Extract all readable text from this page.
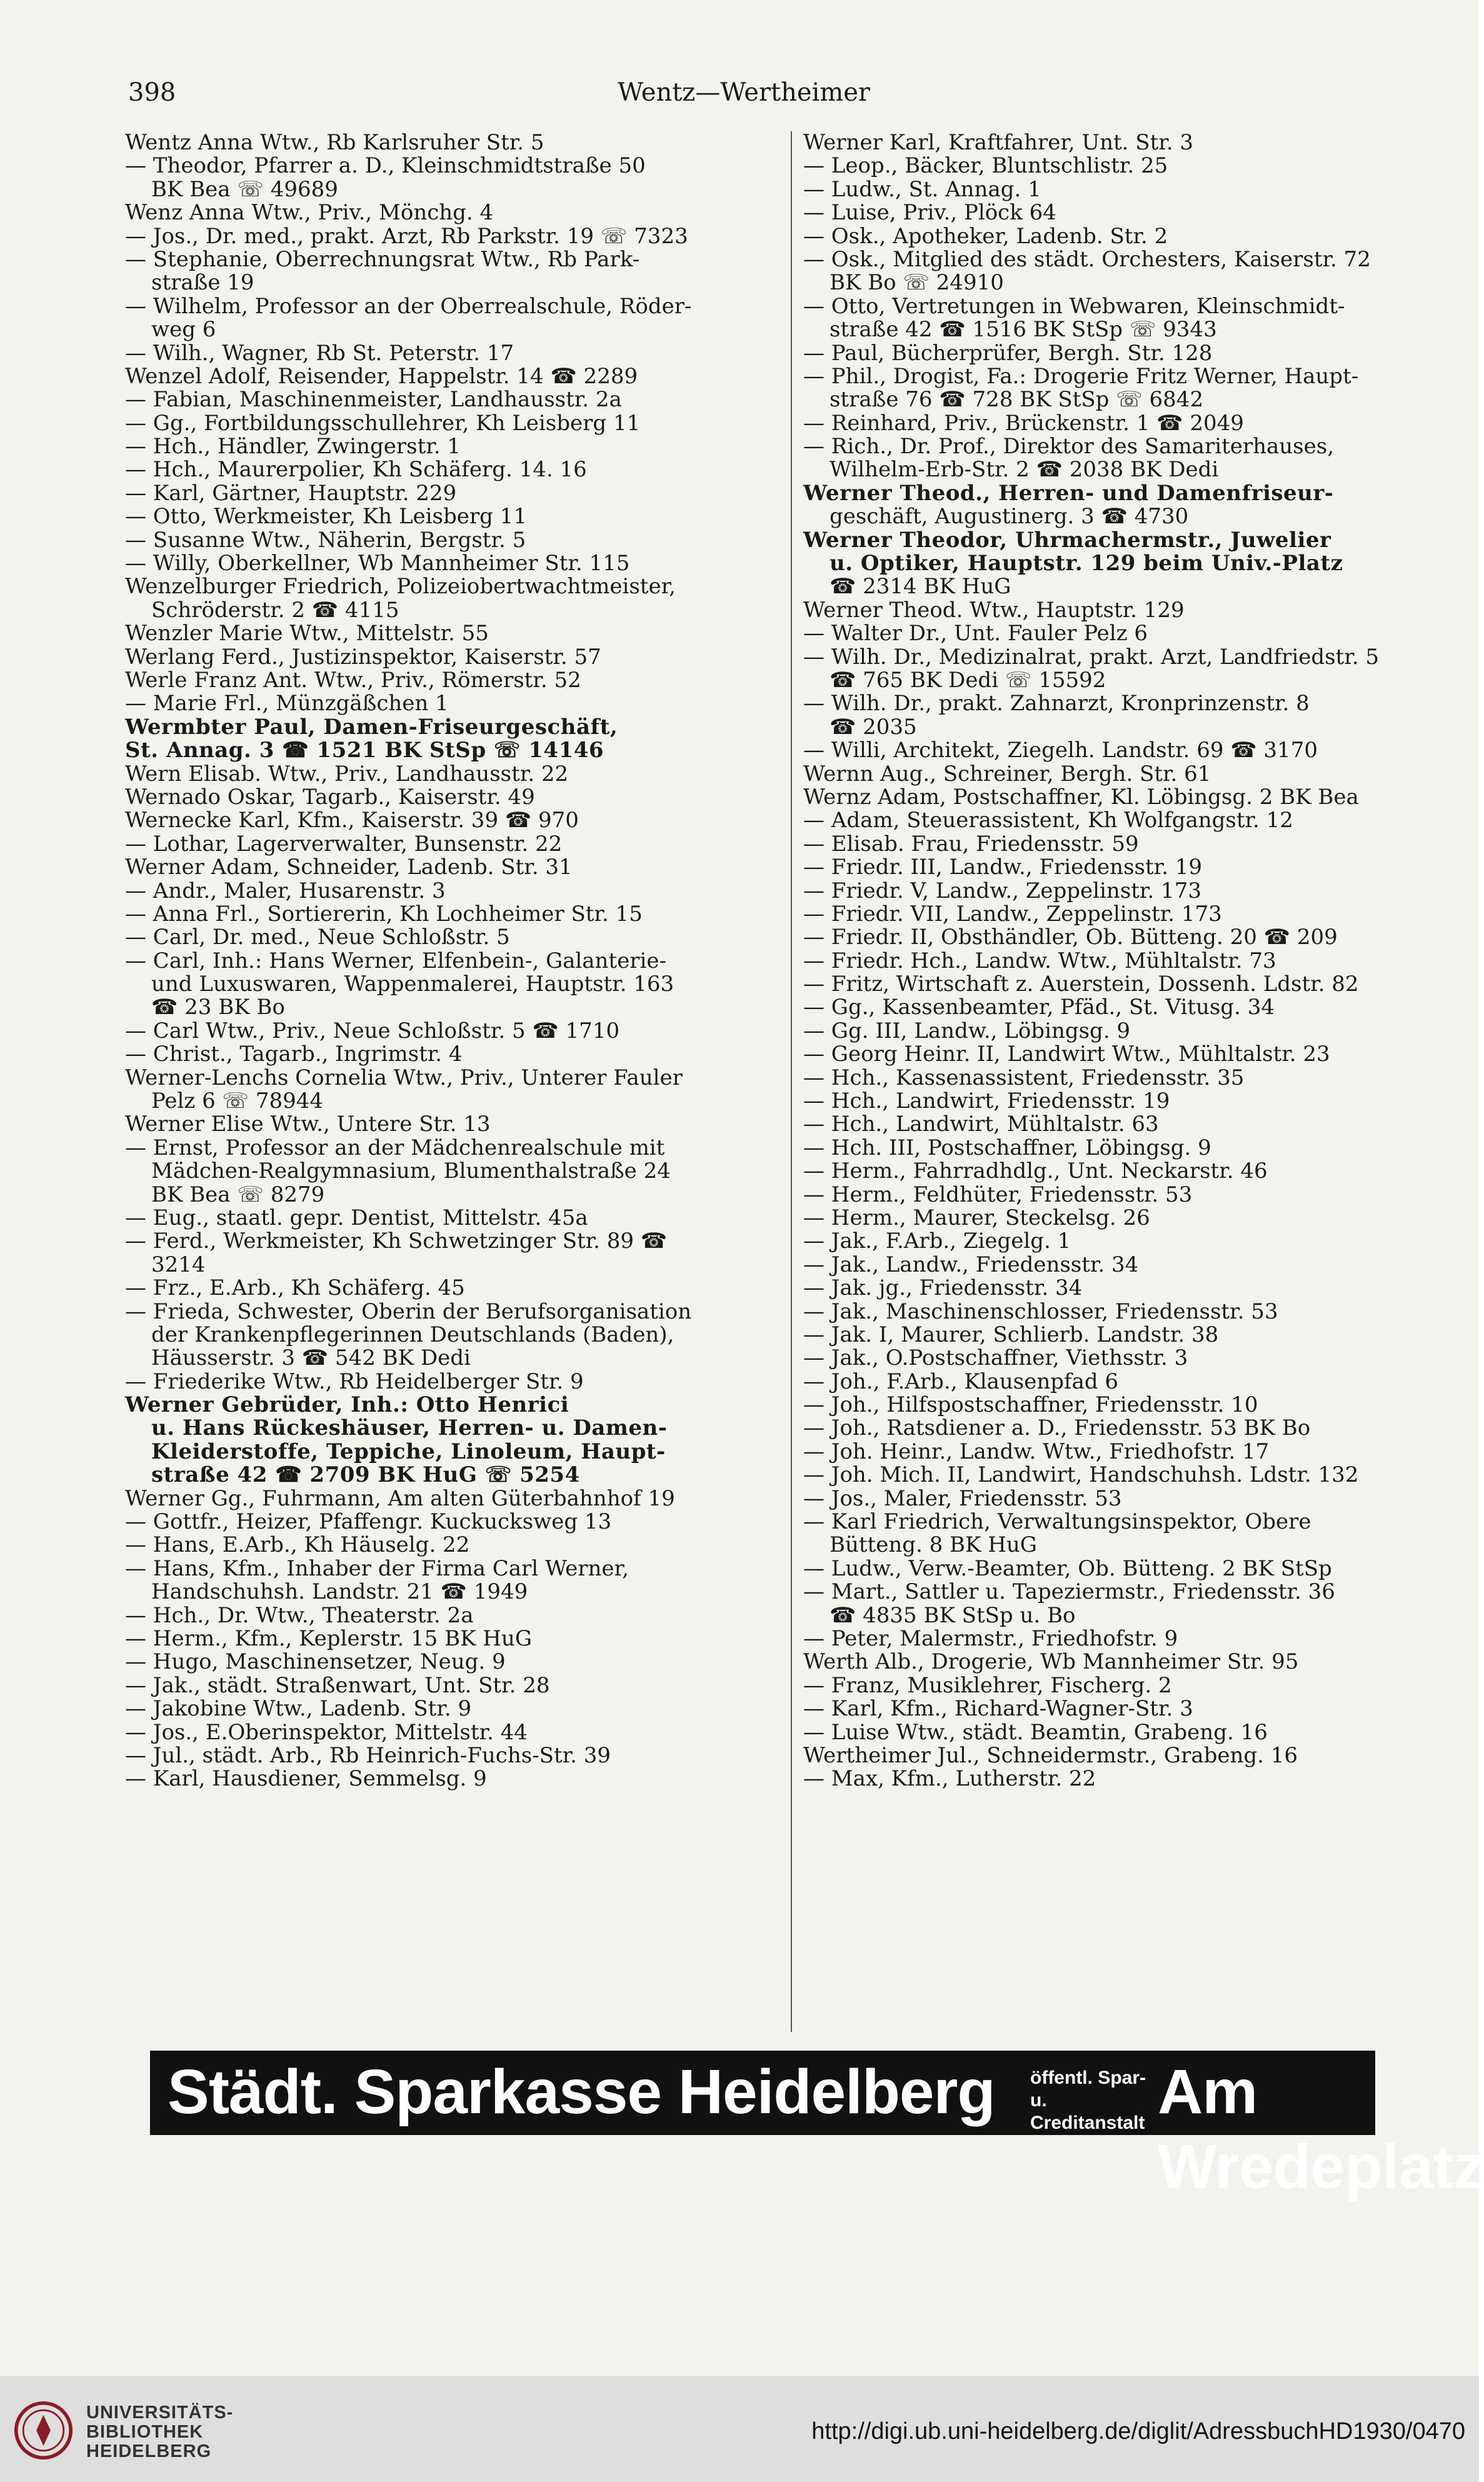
398	Wentz—Wertheimer

Wentz Anna Wtw., Rb Karlsruher Str. 5

— Theodor, Pfarrer a. D., Kleinschmidtstraße 50

BK Bea ☏ 49689

Wenz Anna Wtw., Priv., Mönchg. 4

— Jos., Dr. med., prakt. Arzt, Rb Parkstr. 19 ☏ 7323

— Stephanie, Oberrechnungsrat Wtw., Rb Park-

straße 19

— Wilhelm, Professor an der Oberrealschule, Röder-

weg 6

— Wilh., Wagner, Rb St. Peterstr. 17

Wenzel Adolf, Reisender, Happelstr. 14 ☎ 2289

— Fabian, Maschinenmeister, Landhausstr. 2a

— Gg., Fortbildungsschullehrer, Kh Leisberg 11

— Hch., Händler, Zwingerstr. 1

— Hch., Maurerpolier, Kh Schäferg. 14. 16

— Karl, Gärtner, Hauptstr. 229

— Otto, Werkmeister, Kh Leisberg 11

— Susanne Wtw., Näherin, Bergstr. 5

— Willy, Oberkellner, Wb Mannheimer Str. 115

Wenzelburger Friedrich, Polizeiobertwachtmeister,

Schröderstr. 2 ☎ 4115

Wenzler Marie Wtw., Mittelstr. 55

Werlang Ferd., Justizinspektor, Kaiserstr. 57

Werle Franz Ant. Wtw., Priv., Römerstr. 52

— Marie Frl., Münzgäßchen 1

Wermbter Paul, Damen-Friseurgeschäft,

St. Annag. 3 ☎ 1521 BK StSp ☏ 14146

Wern Elisab. Wtw., Priv., Landhausstr. 22

Wernado Oskar, Tagarb., Kaiserstr. 49

Wernecke Karl, Kfm., Kaiserstr. 39 ☎ 970

— Lothar, Lagerverwalter, Bunsenstr. 22

Werner Adam, Schneider, Ladenb. Str. 31

— Andr., Maler, Husarenstr. 3

— Anna Frl., Sortiererin, Kh Lochheimer Str. 15

— Carl, Dr. med., Neue Schloßstr. 5

— Carl, Inh.: Hans Werner, Elfenbein-, Galanterie-

und Luxuswaren, Wappenmalerei, Hauptstr. 163

☎ 23 BK Bo

— Carl Wtw., Priv., Neue Schloßstr. 5 ☎ 1710

— Christ., Tagarb., Ingrimstr. 4

Werner-Lenchs Cornelia Wtw., Priv., Unterer Fauler

Pelz 6 ☏ 78944

Werner Elise Wtw., Untere Str. 13

— Ernst, Professor an der Mädchenrealschule mit

Mädchen-Realgymnasium, Blumenthalstraße 24

BK Bea ☏ 8279

— Eug., staatl. gepr. Dentist, Mittelstr. 45a

— Ferd., Werkmeister, Kh Schwetzinger Str. 89 ☎

3214

— Frz., E.Arb., Kh Schäferg. 45

— Frieda, Schwester, Oberin der Berufsorganisation

der Krankenpflegerinnen Deutschlands (Baden),

Häusserstr. 3 ☎ 542 BK Dedi

— Friederike Wtw., Rb Heidelberger Str. 9

Werner Gebrüder, Inh.: Otto Henrici

u. Hans Rückeshäuser, Herren- u. Damen-

Kleiderstoffe, Teppiche, Linoleum, Haupt-

straße 42 ☎ 2709 BK HuG ☏ 5254

Werner Gg., Fuhrmann, Am alten Güterbahnhof 19

— Gottfr., Heizer, Pfaffengr. Kuckucksweg 13

— Hans, E.Arb., Kh Häuselg. 22

— Hans, Kfm., Inhaber der Firma Carl Werner,

Handschuhsh. Landstr. 21 ☎ 1949

— Hch., Dr. Wtw., Theaterstr. 2a

— Herm., Kfm., Keplerstr. 15 BK HuG

— Hugo, Maschinensetzer, Neug. 9

— Jak., städt. Straßenwart, Unt. Str. 28

— Jakobine Wtw., Ladenb. Str. 9

— Jos., E.Oberinspektor, Mittelstr. 44

— Jul., städt. Arb., Rb Heinrich-Fuchs-Str. 39

— Karl, Hausdiener, Semmelsg. 9

Werner Karl, Kraftfahrer, Unt. Str. 3

— Leop., Bäcker, Bluntschlistr. 25

— Ludw., St. Annag. 1

— Luise, Priv., Plöck 64

— Osk., Apotheker, Ladenb. Str. 2

— Osk., Mitglied des städt. Orchesters, Kaiserstr. 72

BK Bo ☏ 24910

— Otto, Vertretungen in Webwaren, Kleinschmidt-

straße 42 ☎ 1516 BK StSp ☏ 9343

— Paul, Bücherprüfer, Bergh. Str. 128

— Phil., Drogist, Fa.: Drogerie Fritz Werner, Haupt-

straße 76 ☎ 728 BK StSp ☏ 6842

— Reinhard, Priv., Brückenstr. 1 ☎ 2049

— Rich., Dr. Prof., Direktor des Samariterhauses,

Wilhelm-Erb-Str. 2 ☎ 2038 BK Dedi

Werner Theod., Herren- und Damenfriseur-

geschäft, Augustinerg. 3 ☎ 4730

Werner Theodor, Uhrmachermstr., Juwelier

u. Optiker, Hauptstr. 129 beim Univ.-Platz

☎ 2314 BK HuG

Werner Theod. Wtw., Hauptstr. 129

— Walter Dr., Unt. Fauler Pelz 6

— Wilh. Dr., Medizinalrat, prakt. Arzt, Landfriedstr. 5

☎ 765 BK Dedi ☏ 15592

— Wilh. Dr., prakt. Zahnarzt, Kronprinzenstr. 8

☎ 2035

— Willi, Architekt, Ziegelh. Landstr. 69 ☎ 3170

Wernn Aug., Schreiner, Bergh. Str. 61

Wernz Adam, Postschaffner, Kl. Löbingsg. 2 BK Bea

— Adam, Steuerassistent, Kh Wolfgangstr. 12

— Elisab. Frau, Friedensstr. 59

— Friedr. III, Landw., Friedensstr. 19

— Friedr. V, Landw., Zeppelinstr. 173

— Friedr. VII, Landw., Zeppelinstr. 173

— Friedr. II, Obsthändler, Ob. Bütteng. 20 ☎ 209

— Friedr. Hch., Landw. Wtw., Mühltalstr. 73

— Fritz, Wirtschaft z. Auerstein, Dossenh. Ldstr. 82

— Gg., Kassenbeamter, Pfäd., St. Vitusg. 34

— Gg. III, Landw., Löbingsg. 9

— Georg Heinr. II, Landwirt Wtw., Mühltalstr. 23

— Hch., Kassenassistent, Friedensstr. 35

— Hch., Landwirt, Friedensstr. 19

— Hch., Landwirt, Mühltalstr. 63

— Hch. III, Postschaffner, Löbingsg. 9

— Herm., Fahrradhdlg., Unt. Neckarstr. 46

— Herm., Feldhüter, Friedensstr. 53

— Herm., Maurer, Steckelsg. 26

— Jak., F.Arb., Ziegelg. 1

— Jak., Landw., Friedensstr. 34

— Jak. jg., Friedensstr. 34

— Jak., Maschinenschlosser, Friedensstr. 53

— Jak. I, Maurer, Schlierb. Landstr. 38

— Jak., O.Postschaffner, Viethsstr. 3

— Joh., F.Arb., Klausenpfad 6

— Joh., Hilfspostschaffner, Friedensstr. 10

— Joh., Ratsdiener a. D., Friedensstr. 53 BK Bo

— Joh. Heinr., Landw. Wtw., Friedhofstr. 17

— Joh. Mich. II, Landwirt, Handschuhsh. Ldstr. 132

— Jos., Maler, Friedensstr. 53

— Karl Friedrich, Verwaltungsinspektor, Obere

Bütteng. 8 BK HuG

— Ludw., Verw.-Beamter, Ob. Bütteng. 2 BK StSp

— Mart., Sattler u. Tapeziermstr., Friedensstr. 36

☎ 4835 BK StSp u. Bo

— Peter, Malermstr., Friedhofstr. 9

Werth Alb., Drogerie, Wb Mannheimer Str. 95

— Franz, Musiklehrer, Fischerg. 2

— Karl, Kfm., Richard-Wagner-Str. 3

— Luise Wtw., städt. Beamtin, Grabeng. 16

Wertheimer Jul., Schneidermstr., Grabeng. 16

— Max, Kfm., Lutherstr. 22

Städt. Sparkasse Heidelberg öffentl. Spar- u.
Creditanstalt Am Wredeplatz
UNIVERSITÄTS-
BIBLIOTHEK
HEIDELBERG
http://digi.ub.uni-heidelberg.de/diglit/AdressbuchHD1930/0470
